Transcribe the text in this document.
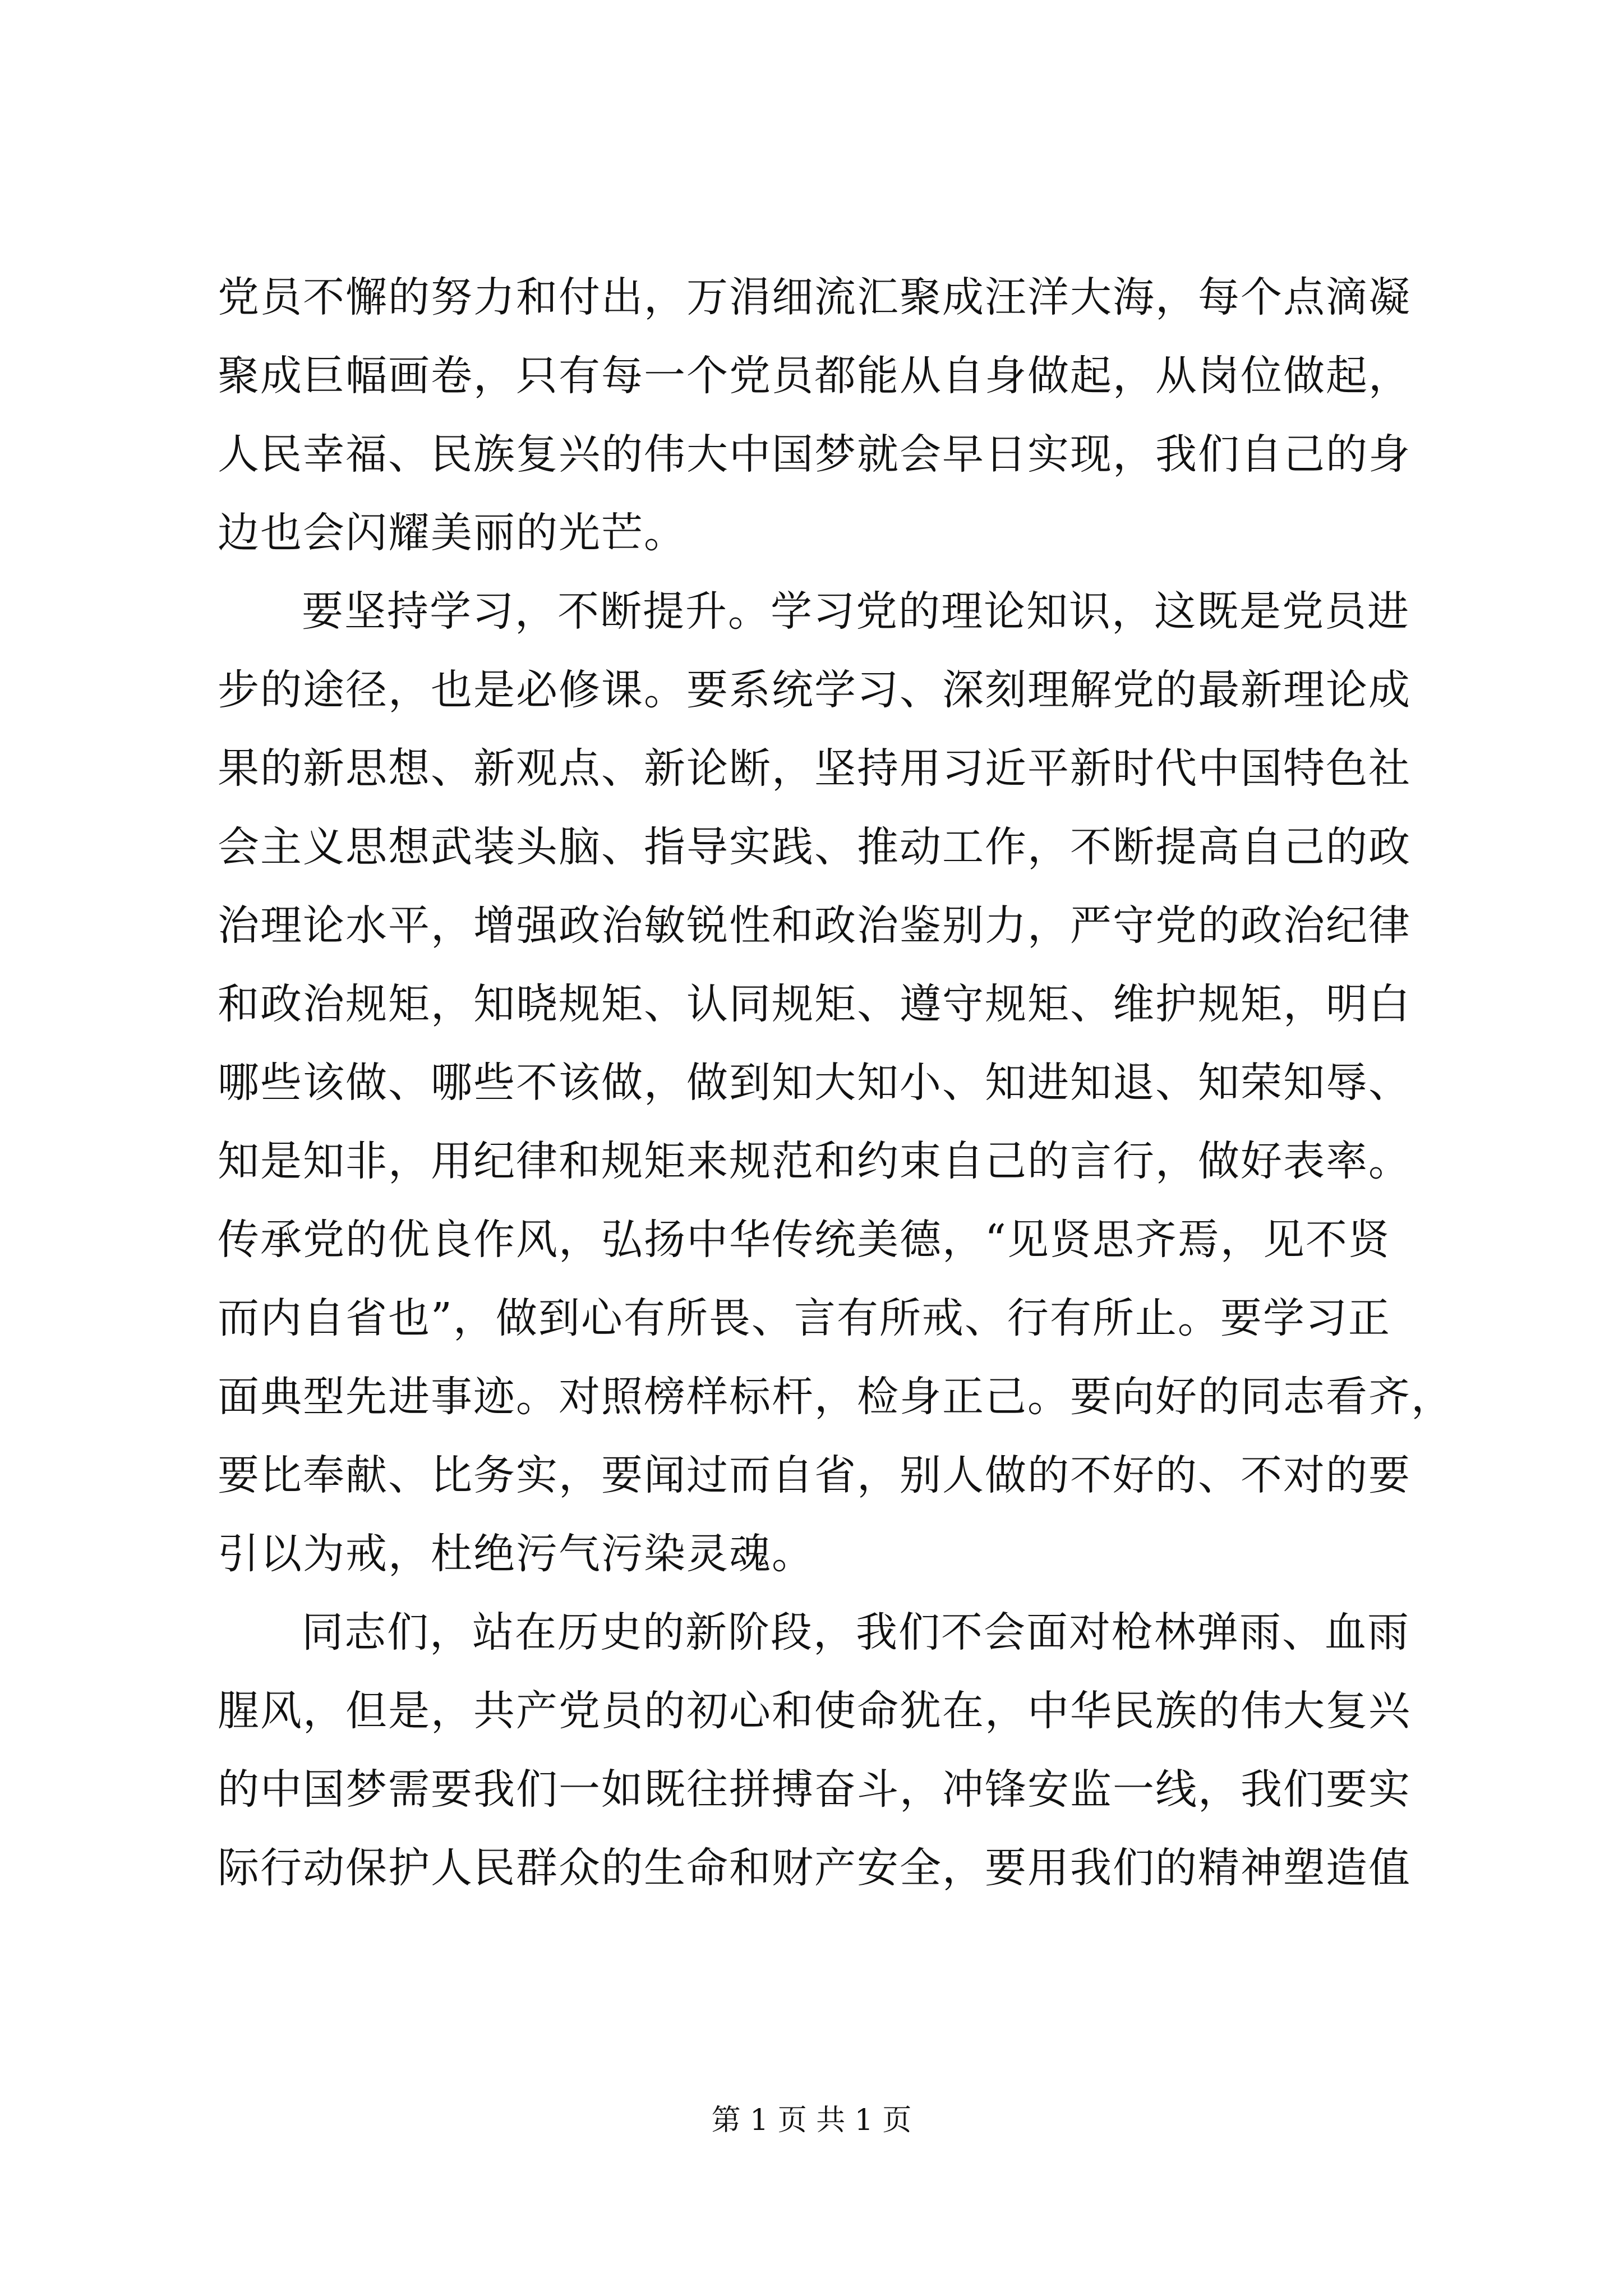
党员不懈的努力和付出，万涓细流汇聚成汪洋大海，每个点滴凝
聚成巨幅画卷，只有每一个党员都能从自身做起，从岗位做起，
人民幸福、民族复兴的伟大中国梦就会早日实现，我们自己的身
边也会闪耀美丽的光芒。
要坚持学习，不断提升。学习党的理论知识，这既是党员进
步的途径，也是必修课。要系统学习、深刻理解党的最新理论成
果的新思想、新观点、新论断，坚持用习近平新时代中国特色社
会主义思想武装头脑、指导实践、推动工作，不断提高自己的政
治理论水平，增强政治敏锐性和政治鉴别力，严守党的政治纪律
和政治规矩，知晓规矩、认同规矩、遵守规矩、维护规矩，明白
哪些该做、哪些不该做，做到知大知小、知进知退、知荣知辱、
知是知非，用纪律和规矩来规范和约束自己的言行，做好表率。
传承党的优良作风，弘扬中华传统美德，“见贤思齐焉，见不贤
而内自省也”，做到心有所畏、言有所戒、行有所止。要学习正
面典型先进事迹。对照榜样标杆，检身正己。要向好的同志看齐，
要比奉献、比务实，要闻过而自省，别人做的不好的、不对的要
引以为戒，杜绝污气污染灵魂。
同志们，站在历史的新阶段，我们不会面对枪林弹雨、血雨
腥风，但是，共产党员的初心和使命犹在，中华民族的伟大复兴
的中国梦需要我们一如既往拼搏奋斗，冲锋安监一线，我们要实
际行动保护人民群众的生命和财产安全，要用我们的精神塑造值
第 1 页 共 1 页
